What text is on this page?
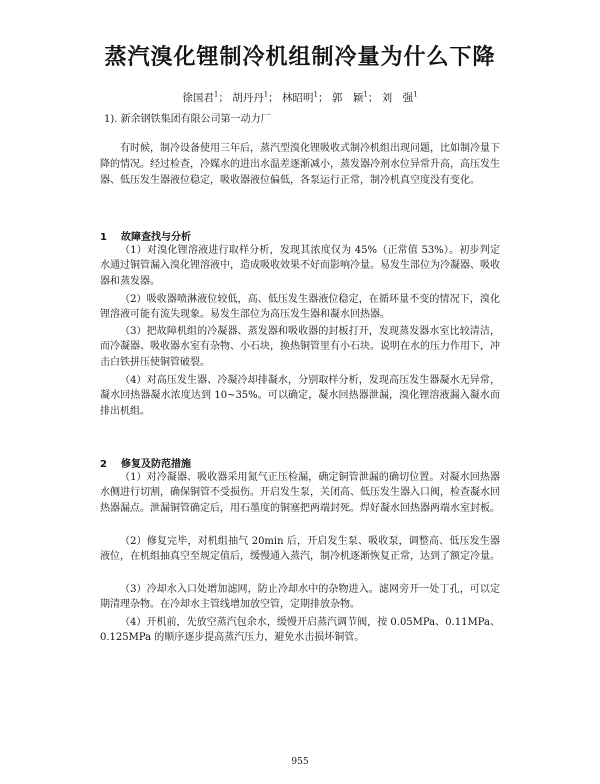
蒸汽溴化锂制冷机组制冷量为什么下降
徐国君$^1$； 胡丹丹$^1$； 林昭明$^1$； 郭　颖$^1$； 刘　强$^1$
1). 新余钢铁集团有限公司第一动力厂
有时候，制冷设备使用三年后，蒸汽型溴化锂吸收式制冷机组出现问题，比如制冷量下降的情况。经过检查，冷媒水的进出水温差逐渐减小，蒸发器冷剂水位异常升高，高压发生器、低压发生器液位稳定，吸收器液位偏低，各泵运行正常，制冷机真空度没有变化。
1 故障查找与分析
（1）对溴化锂溶液进行取样分析，发现其浓度仅为 45%（正常值 53%）。初步判定水通过铜管漏入溴化锂溶液中，造成吸收效果不好而影响冷量。易发生部位为冷凝器、吸收器和蒸发器。
（2）吸收器喷淋液位较低，高、低压发生器液位稳定，在循环量不变的情况下，溴化锂溶液可能有流失现象。易发生部位为高压发生器和凝水回热器。
（3）把故障机组的冷凝器、蒸发器和吸收器的封板打开，发现蒸发器水室比较清洁，而冷凝器、吸收器水室有杂物、小石块，换热铜管里有小石块。说明在水的压力作用下，冲击白铁拼压使铜管破裂。
（4）对高压发生器、冷凝冷却排凝水，分别取样分析，发现高压发生器凝水无异常，凝水回热器凝水浓度达到 10~35%。可以确定，凝水回热器泄漏，溴化锂溶液漏入凝水而排出机组。
2 修复及防范措施
（1）对冷凝器、吸收器采用氮气正压检漏，确定铜管泄漏的确切位置。对凝水回热器水侧进行切割，确保铜管不受损伤。开启发生泵，关闭高、低压发生器入口阀，检查凝水回热器漏点。泄漏铜管确定后，用石墨度的铜塞把两端封死。焊好凝水回热器两端水室封板。
（2）修复完毕，对机组抽气 20min 后，开启发生泵、吸收泵，调整高、低压发生器液位，在机组抽真空至规定值后，缓慢通入蒸汽，制冷机逐渐恢复正常，达到了额定冷量。
（3）冷却水入口处增加滤网，防止冷却水中的杂物进入。滤网旁开一处丁孔，可以定期清理杂物。在冷却水主管线增加放空管，定期排放杂物。
（4）开机前，先放空蒸汽包余水，缓慢开启蒸汽调节阀，按 0.05MPa、0.11MPa、0.125MPa 的顺序逐步提高蒸汽压力，避免水击损坏铜管。
955
